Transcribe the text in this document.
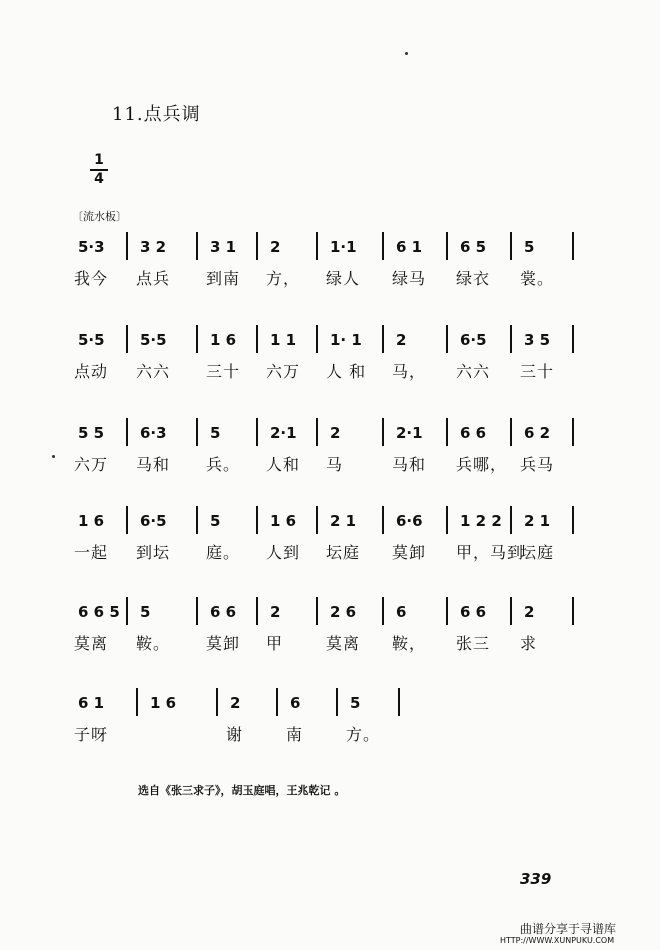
11.点兵调
1
4
〔流水板〕
5·3
我今
3 2
点兵
3 1
到南
2
方，
1·1
绿人
6 1
绿马
6 5
绿衣
5
裳。
5·5
点动
5·5
六六
1 6
三十
1 1
六万
1· 1
人 和
2
马，
6·5
六六
3 5
三十
5 5
六万
6·3
马和
5
兵。
2·1
人和
2
马
2·1
马和
6 6
兵哪，
6 2
兵马
1 6
一起
6·5
到坛
5
庭。
1 6
人到
2 1
坛庭
6·6
莫卸
1 2 2
甲，马到
2 1
坛庭
6 6 5
莫离
5
鞍。
6 6
莫卸
2
甲
2 6
莫离
6
鞍，
6 6
张三
2
求
6 1
子呀
1 6	2
谢
6
南
5
方。
选自《张三求子》，胡玉庭唱，王兆乾记 。
339
曲谱分享于寻谱库
HTTP://WWW.XUNPUKU.COM
